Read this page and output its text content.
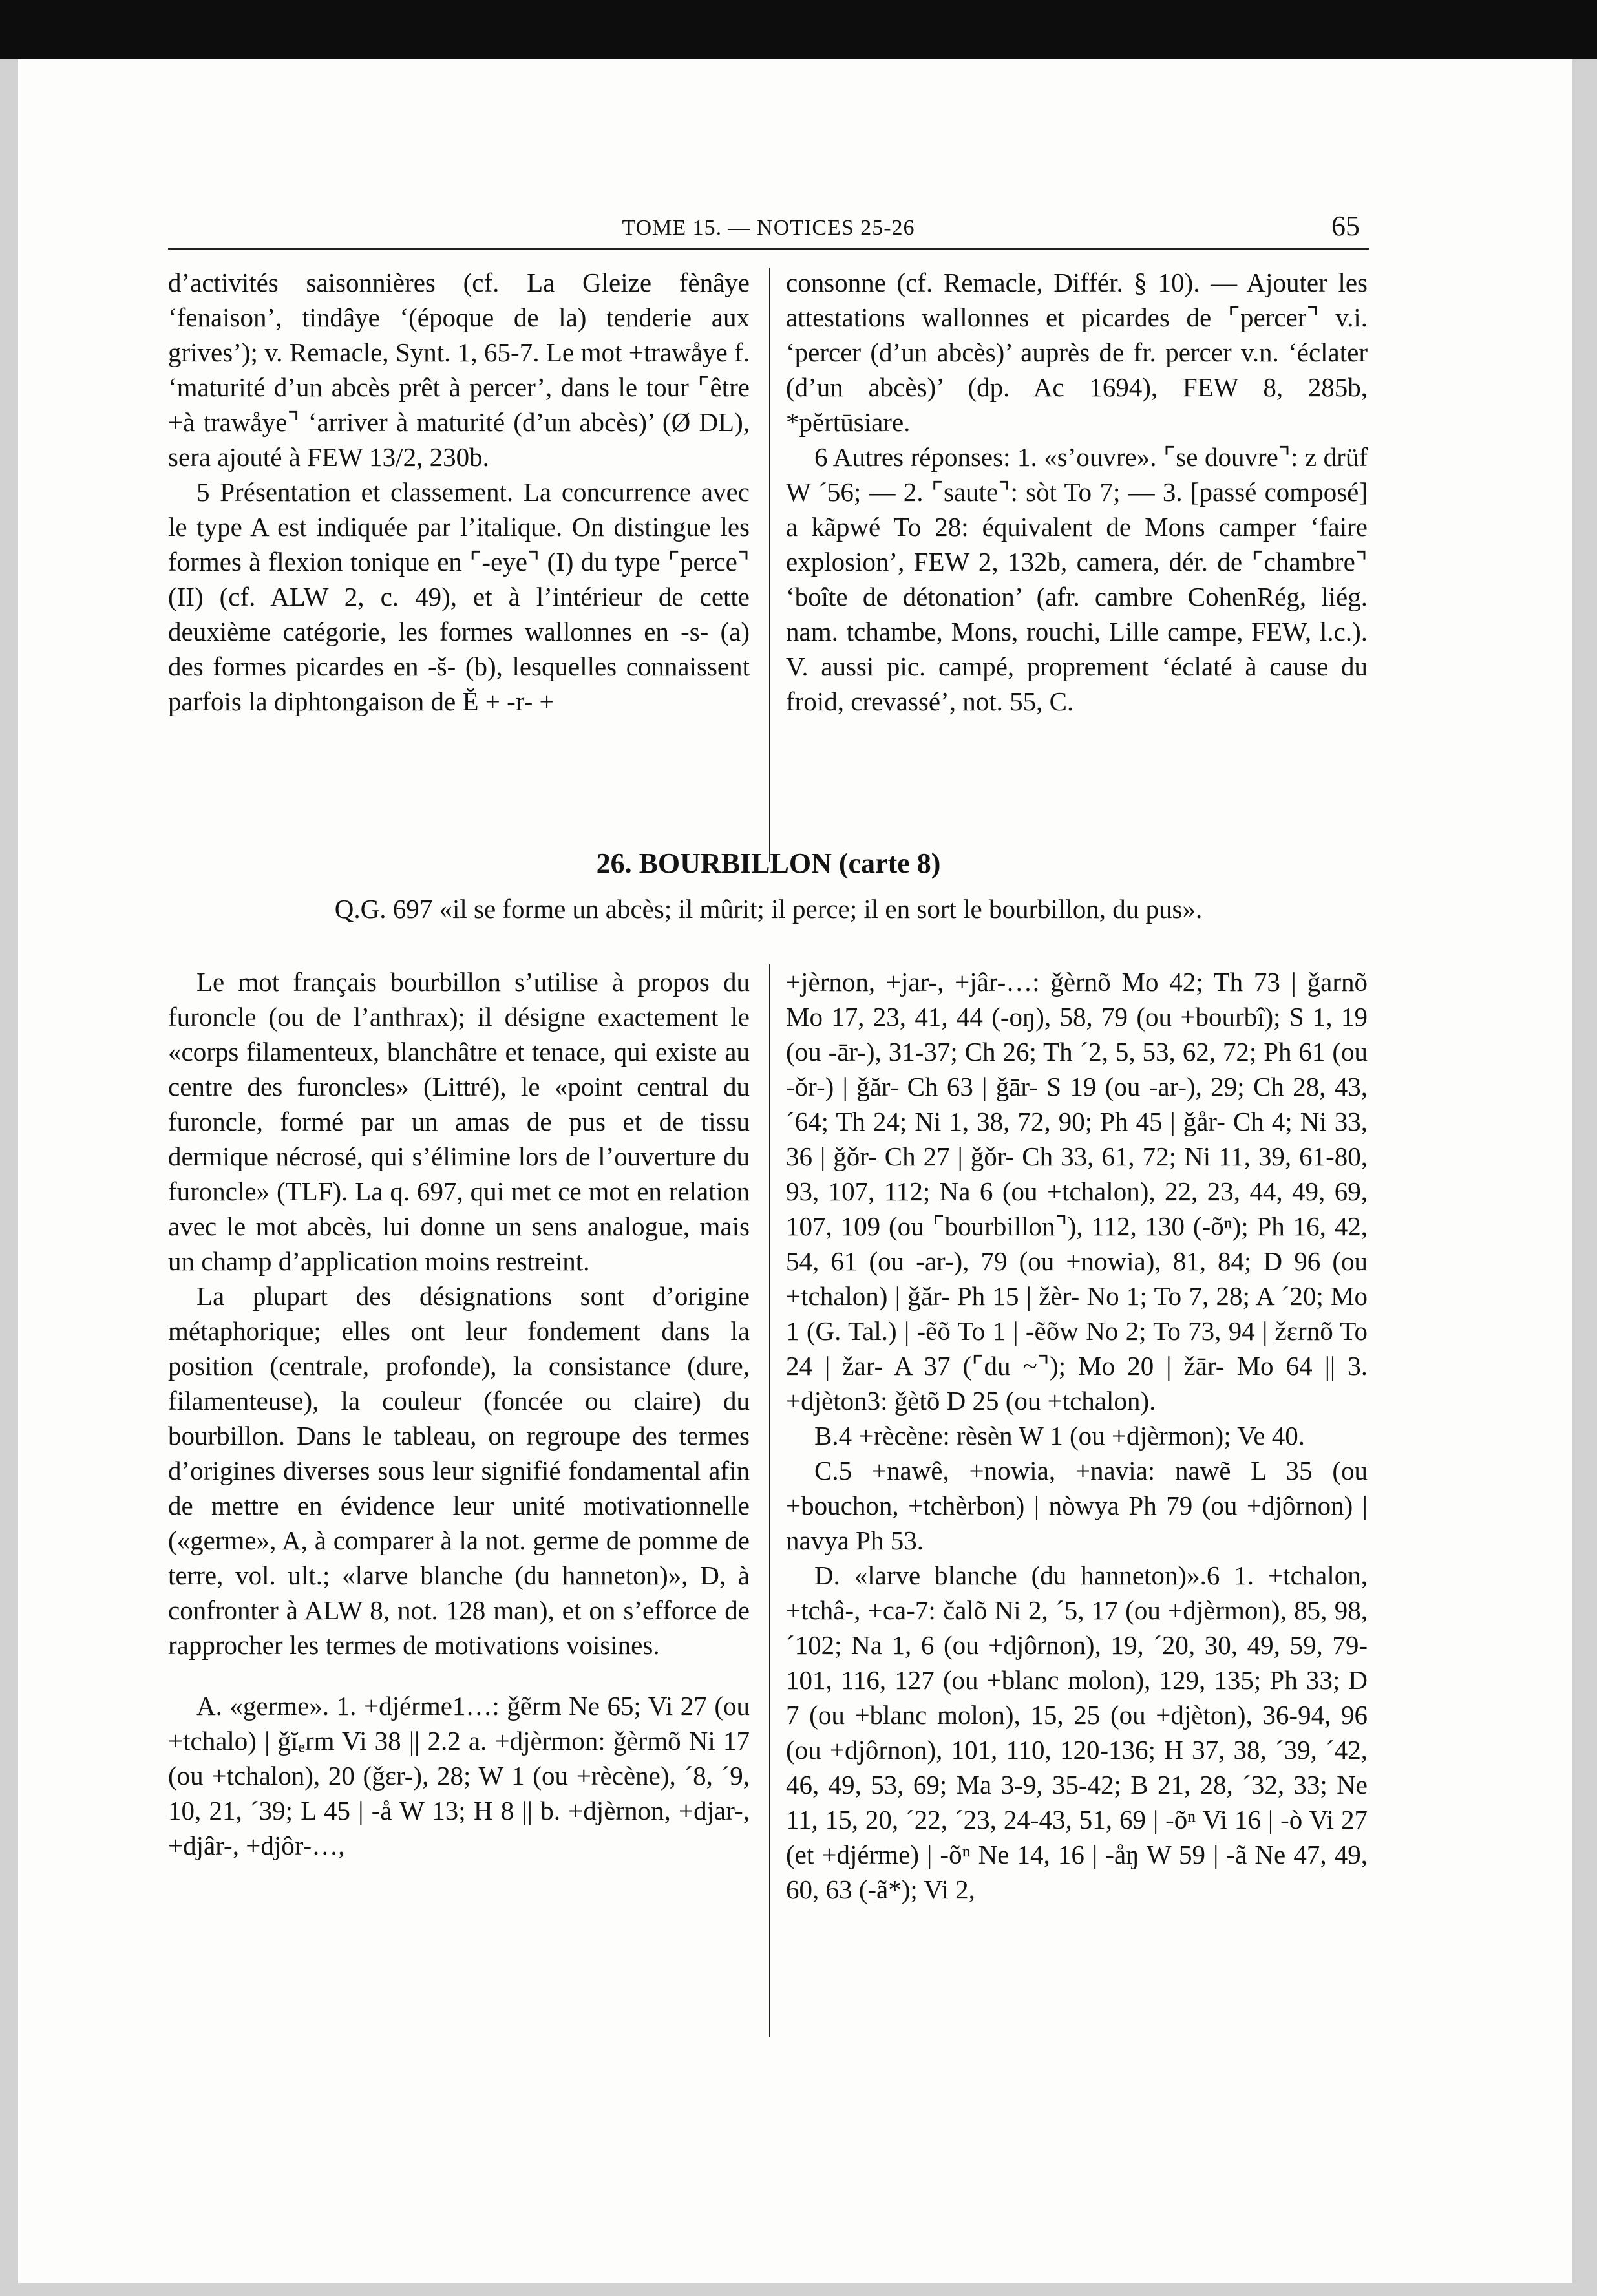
TOME 15. — NOTICES 25-26	65

d’activités saisonnières (cf. La Gleize fènâye ‘fenaison’, tindâye ‘(époque de la) tenderie aux grives’); v. Remacle, Synt. 1, 65-7. Le mot +trawåye f. ‘maturité d’un abcès prêt à percer’, dans le tour ⌜être +à trawåye⌝ ‘arriver à maturité (d’un abcès)’ (Ø DL), sera ajouté à FEW 13/2, 230b.

5 Présentation et classement. La concurrence avec le type A est indiquée par l’italique. On distingue les formes à flexion tonique en ⌜-eye⌝ (I) du type ⌜perce⌝ (II) (cf. ALW 2, c. 49), et à l’intérieur de cette deuxième catégorie, les formes wallonnes en -s- (a) des formes picardes en -š- (b), lesquelles connaissent parfois la diphtongaison de Ĕ + -r- +

consonne (cf. Remacle, Différ. § 10). — Ajouter les attestations wallonnes et picardes de ⌜percer⌝ v.i. ‘percer (d’un abcès)’ auprès de fr. percer v.n. ‘éclater (d’un abcès)’ (dp. Ac 1694), FEW 8, 285b, *pĕrtūsiare.

6 Autres réponses: 1. «s’ouvre». ⌜se douvre⌝: z drüf W ´56; — 2. ⌜saute⌝: sòt To 7; — 3. [passé composé] a kãpwé To 28: équivalent de Mons camper ‘faire explosion’, FEW 2, 132b, camera, dér. de ⌜chambre⌝ ‘boîte de détonation’ (afr. cambre CohenRég, liég. nam. tchambe, Mons, rouchi, Lille campe, FEW, l.c.). V. aussi pic. campé, proprement ‘éclaté à cause du froid, crevassé’, not. 55, C.

26. BOURBILLON (carte 8)
Q.G. 697 «il se forme un abcès; il mûrit; il perce; il en sort le bourbillon, du pus».

Le mot français bourbillon s’utilise à propos du furoncle (ou de l’anthrax); il désigne exactement le «corps filamenteux, blanchâtre et tenace, qui existe au centre des furoncles» (Littré), le «point central du furoncle, formé par un amas de pus et de tissu dermique nécrosé, qui s’élimine lors de l’ouverture du furoncle» (TLF). La q. 697, qui met ce mot en relation avec le mot abcès, lui donne un sens analogue, mais un champ d’application moins restreint.

La plupart des désignations sont d’origine métaphorique; elles ont leur fondement dans la position (centrale, profonde), la consistance (dure, filamenteuse), la couleur (foncée ou claire) du bourbillon. Dans le tableau, on regroupe des termes d’origines diverses sous leur signifié fondamental afin de mettre en évidence leur unité motivationnelle («germe», A, à comparer à la not. germe de pomme de terre, vol. ult.; «larve blanche (du hanneton)», D, à confronter à ALW 8, not. 128 man), et on s’efforce de rapprocher les termes de motivations voisines.

A. «germe». 1. +djérme1…: ǧẽrm Ne 65; Vi 27 (ou +tchalo) | ǧĭₑrm Vi 38 || 2.2 a. +djèrmon: ǧèrmõ Ni 17 (ou +tchalon), 20 (ǧɛr-), 28; W 1 (ou +rècène), ´8, ´9, 10, 21, ´39; L 45 | -å W 13; H 8 || b. +djèrnon, +djar-, +djâr-, +djôr-…,

+jèrnon, +jar-, +jâr-…: ǧèrnõ Mo 42; Th 73 | ǧarnõ Mo 17, 23, 41, 44 (-oŋ), 58, 79 (ou +bourbî); S 1, 19 (ou -ār-), 31-37; Ch 26; Th ´2, 5, 53, 62, 72; Ph 61 (ou -ǒr-) | ǧăr- Ch 63 | ǧār- S 19 (ou -ar-), 29; Ch 28, 43, ´64; Th 24; Ni 1, 38, 72, 90; Ph 45 | ǧår- Ch 4; Ni 33, 36 | ǧǒr- Ch 27 | ǧǒr- Ch 33, 61, 72; Ni 11, 39, 61-80, 93, 107, 112; Na 6 (ou +tchalon), 22, 23, 44, 49, 69, 107, 109 (ou ⌜bourbillon⌝), 112, 130 (-õⁿ); Ph 16, 42, 54, 61 (ou -ar-), 79 (ou +nowia), 81, 84; D 96 (ou +tchalon) | ǧăr- Ph 15 | žèr- No 1; To 7, 28; A ´20; Mo 1 (G. Tal.) | -ẽõ To 1 | -ẽõw No 2; To 73, 94 | žɛrnõ To 24 | žar- A 37 (⌜du ~⌝); Mo 20 | žār- Mo 64 || 3. +djèton3: ǧètõ D 25 (ou +tchalon).

B.4 +rècène: rèsèn W 1 (ou +djèrmon); Ve 40.

C.5 +nawê, +nowia, +navia: nawẽ L 35 (ou +bouchon, +tchèrbon) | nòwya Ph 79 (ou +djôrnon) | navya Ph 53.

D. «larve blanche (du hanneton)».6 1. +tchalon, +tchâ-, +ca-7: čalõ Ni 2, ´5, 17 (ou +djèrmon), 85, 98, ´102; Na 1, 6 (ou +djôrnon), 19, ´20, 30, 49, 59, 79-101, 116, 127 (ou +blanc molon), 129, 135; Ph 33; D 7 (ou +blanc molon), 15, 25 (ou +djèton), 36-94, 96 (ou +djôrnon), 101, 110, 120-136; H 37, 38, ´39, ´42, 46, 49, 53, 69; Ma 3-9, 35-42; B 21, 28, ´32, 33; Ne 11, 15, 20, ´22, ´23, 24-43, 51, 69 | -õⁿ Vi 16 | -ò Vi 27 (et +djérme) | -õⁿ Ne 14, 16 | -åŋ W 59 | -ã Ne 47, 49, 60, 63 (-ã*); Vi 2,
